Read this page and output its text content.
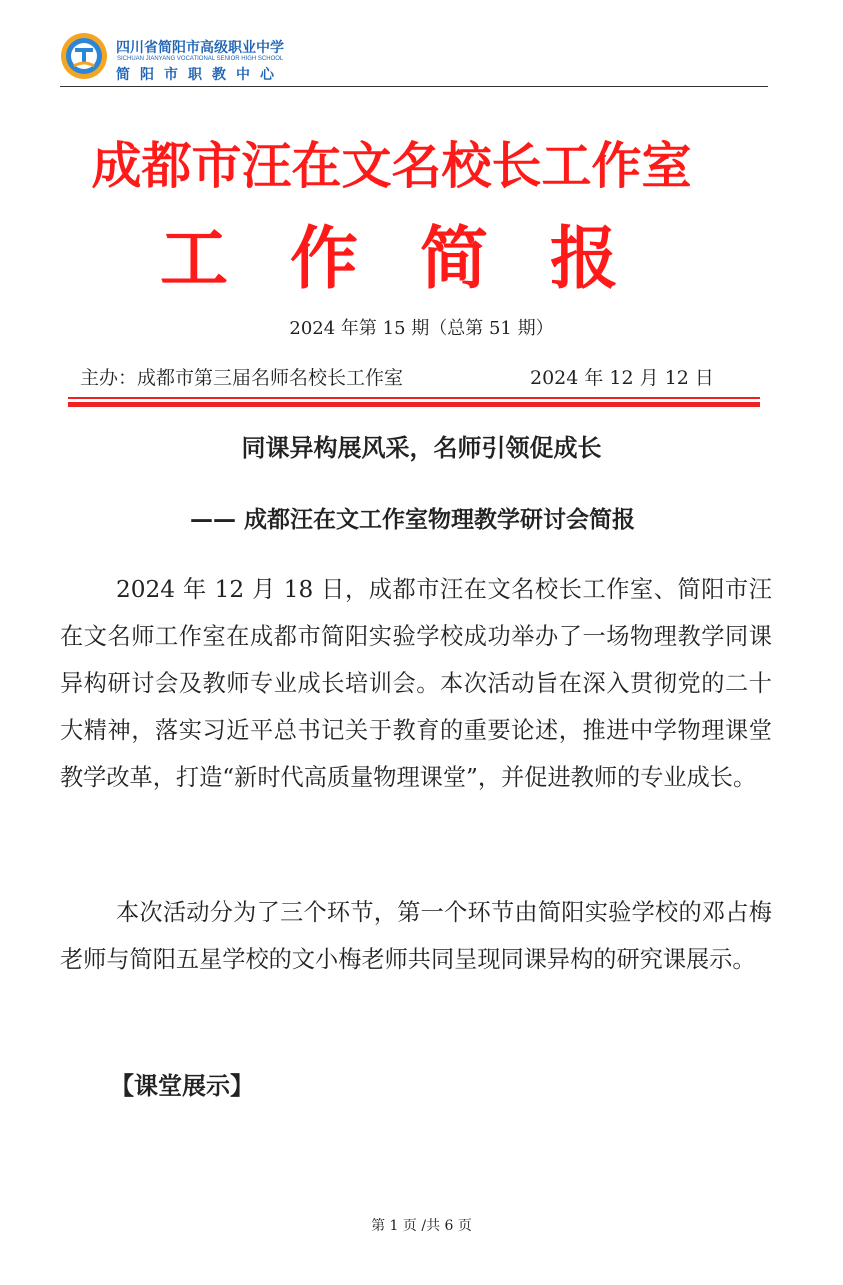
四川省简阳市高级职业中学
SICHUAN JIANYANG VOCATIONAL SENIOR HIGH SCHOOL
简阳市职教中心
成都市汪在文名校长工作室
工作简报
2024 年第 15 期（总第 51 期）
主办：成都市第三届名师名校长工作室	2024 年 12 月 12 日
同课异构展风采，名师引领促成长
—— 成都汪在文工作室物理教学研讨会简报

2024 年 12 月 18 日，成都市汪在文名校长工作室、简阳市汪在文名师工作室在成都市简阳实验学校成功举办了一场物理教学同课异构研讨会及教师专业成长培训会。本次活动旨在深入贯彻党的二十大精神，落实习近平总书记关于教育的重要论述，推进中学物理课堂教学改革，打造“新时代高质量物理课堂”，并促进教师的专业成长。

本次活动分为了三个环节，第一个环节由简阳实验学校的邓占梅老师与简阳五星学校的文小梅老师共同呈现同课异构的研究课展示。

【课堂展示】
第 1 页 /共 6 页
